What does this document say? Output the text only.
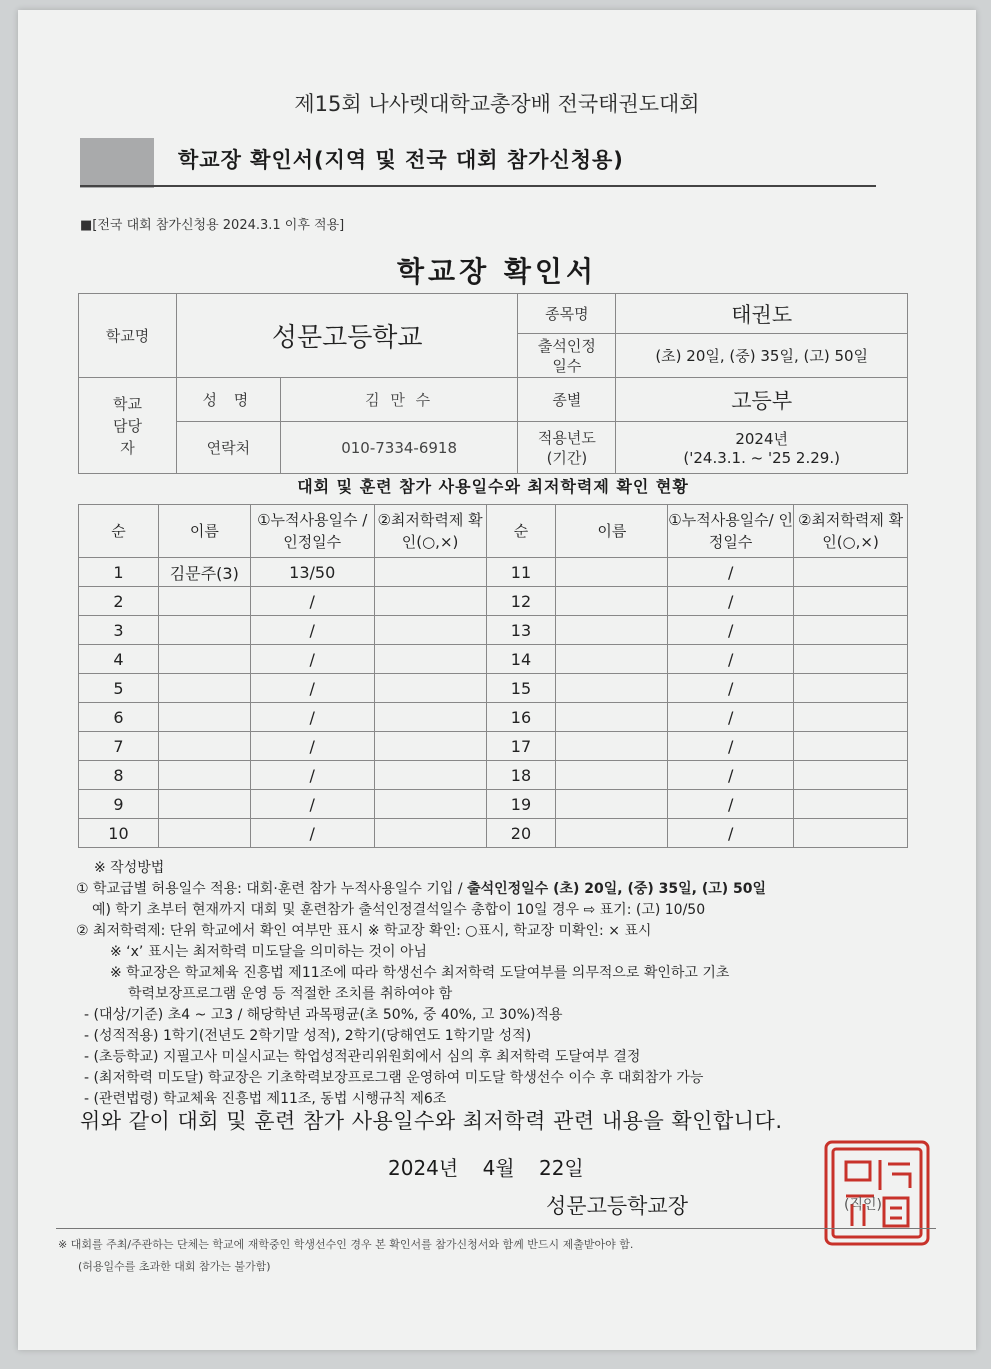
제15회 나사렛대학교총장배 전국태권도대회
학교장 확인서(지역 및 전국 대회 참가신청용)
■[전국 대회 참가신청용 2024.3.1 이후 적용]
학교장 확인서
학교명	성문고등학교		종목명	태권도
			출석인정 일수	(초) 20일, (중) 35일, (고) 50일
학교 담당자	성 명	김 만 수	종별	고등부
	연락처	010-7334-6918	적용년도 (기간)	2024년
('24.3.1. ~ '25 2.29.)
대회 및 훈련 참가 사용일수와 최저학력제 확인 현황
순	이름	①누적사용일수 /인정일수	②최저학력제 확인(○,×)	순	이름	①누적사용일수/ 인정일수	②최저학력제 확인(○,×)
1	김문주(3)	13/50		11		/	
2		/		12		/	
3		/		13		/	
4		/		14		/	
5		/		15		/	
6		/		16		/	
7		/		17		/	
8		/		18		/	
9		/		19		/	
10		/		20		/	

※ 작성방법

① 학교급별 허용일수 적용: 대회·훈련 참가 누적사용일수 기입 / 출석인정일수 (초) 20일, (중) 35일, (고) 50일

예) 학기 초부터 현재까지 대회 및 훈련참가 출석인정결석일수 총합이 10일 경우 ⇨ 표기: (고) 10/50

② 최저학력제: 단위 학교에서 확인 여부만 표시 ※ 학교장 확인: ○표시, 학교장 미확인: × 표시

※ ‘x’ 표시는 최저학력 미도달을 의미하는 것이 아님

※ 학교장은 학교체육 진흥법 제11조에 따라 학생선수 최저학력 도달여부를 의무적으로 확인하고 기초

학력보장프로그램 운영 등 적절한 조치를 취하여야 함

- (대상/기준) 초4 ~ 고3 / 해당학년 과목평균(초 50%, 중 40%, 고 30%)적용

- (성적적용) 1학기(전년도 2학기말 성적), 2학기(당해연도 1학기말 성적)

- (초등학교) 지필고사 미실시교는 학업성적관리위원회에서 심의 후 최저학력 도달여부 결정

- (최저학력 미도달) 학교장은 기초학력보장프로그램 운영하여 미도달 학생선수 이수 후 대회참가 가능

- (관련법령) 학교체육 진흥법 제11조, 동법 시행규칙 제6조

위와 같이 대회 및 훈련 참가 사용일수와 최저학력 관련 내용을 확인합니다.
2024년 4월 22일
성문고등학교장	(직인)
※ 대회를 주최/주관하는 단체는 학교에 재학중인 학생선수인 경우 본 확인서를 참가신청서와 함께 반드시 제출받아야 함.
(허용일수를 초과한 대회 참가는 불가함)
